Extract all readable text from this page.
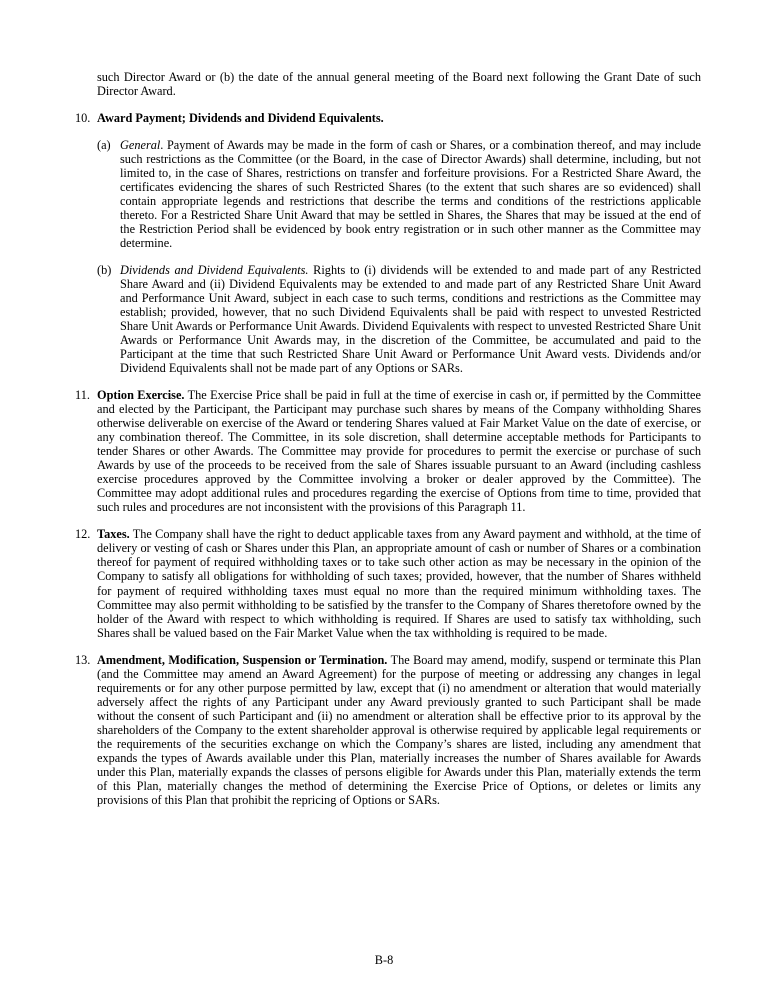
such Director Award or (b) the date of the annual general meeting of the Board next following the Grant Date of such Director Award.

10. Award Payment; Dividends and Dividend Equivalents.

(a) General. Payment of Awards may be made in the form of cash or Shares, or a combination thereof, and may include such restrictions as the Committee (or the Board, in the case of Director Awards) shall determine, including, but not limited to, in the case of Shares, restrictions on transfer and forfeiture provisions. For a Restricted Share Award, the certificates evidencing the shares of such Restricted Shares (to the extent that such shares are so evidenced) shall contain appropriate legends and restrictions that describe the terms and conditions of the restrictions applicable thereto. For a Restricted Share Unit Award that may be settled in Shares, the Shares that may be issued at the end of the Restriction Period shall be evidenced by book entry registration or in such other manner as the Committee may determine.

(b) Dividends and Dividend Equivalents. Rights to (i) dividends will be extended to and made part of any Restricted Share Award and (ii) Dividend Equivalents may be extended to and made part of any Restricted Share Unit Award and Performance Unit Award, subject in each case to such terms, conditions and restrictions as the Committee may establish; provided, however, that no such Dividend Equivalents shall be paid with respect to unvested Restricted Share Unit Awards or Performance Unit Awards. Dividend Equivalents with respect to unvested Restricted Share Unit Awards or Performance Unit Awards may, in the discretion of the Committee, be accumulated and paid to the Participant at the time that such Restricted Share Unit Award or Performance Unit Award vests. Dividends and/or Dividend Equivalents shall not be made part of any Options or SARs.

11. Option Exercise. The Exercise Price shall be paid in full at the time of exercise in cash or, if permitted by the Committee and elected by the Participant, the Participant may purchase such shares by means of the Company withholding Shares otherwise deliverable on exercise of the Award or tendering Shares valued at Fair Market Value on the date of exercise, or any combination thereof. The Committee, in its sole discretion, shall determine acceptable methods for Participants to tender Shares or other Awards. The Committee may provide for procedures to permit the exercise or purchase of such Awards by use of the proceeds to be received from the sale of Shares issuable pursuant to an Award (including cashless exercise procedures approved by the Committee involving a broker or dealer approved by the Committee). The Committee may adopt additional rules and procedures regarding the exercise of Options from time to time, provided that such rules and procedures are not inconsistent with the provisions of this Paragraph 11.

12. Taxes. The Company shall have the right to deduct applicable taxes from any Award payment and withhold, at the time of delivery or vesting of cash or Shares under this Plan, an appropriate amount of cash or number of Shares or a combination thereof for payment of required withholding taxes or to take such other action as may be necessary in the opinion of the Company to satisfy all obligations for withholding of such taxes; provided, however, that the number of Shares withheld for payment of required withholding taxes must equal no more than the required minimum withholding taxes. The Committee may also permit withholding to be satisfied by the transfer to the Company of Shares theretofore owned by the holder of the Award with respect to which withholding is required. If Shares are used to satisfy tax withholding, such Shares shall be valued based on the Fair Market Value when the tax withholding is required to be made.

13. Amendment, Modification, Suspension or Termination. The Board may amend, modify, suspend or terminate this Plan (and the Committee may amend an Award Agreement) for the purpose of meeting or addressing any changes in legal requirements or for any other purpose permitted by law, except that (i) no amendment or alteration that would materially adversely affect the rights of any Participant under any Award previously granted to such Participant shall be made without the consent of such Participant and (ii) no amendment or alteration shall be effective prior to its approval by the shareholders of the Company to the extent shareholder approval is otherwise required by applicable legal requirements or the requirements of the securities exchange on which the Company’s shares are listed, including any amendment that expands the types of Awards available under this Plan, materially increases the number of Shares available for Awards under this Plan, materially expands the classes of persons eligible for Awards under this Plan, materially extends the term of this Plan, materially changes the method of determining the Exercise Price of Options, or deletes or limits any provisions of this Plan that prohibit the repricing of Options or SARs.

B-8
